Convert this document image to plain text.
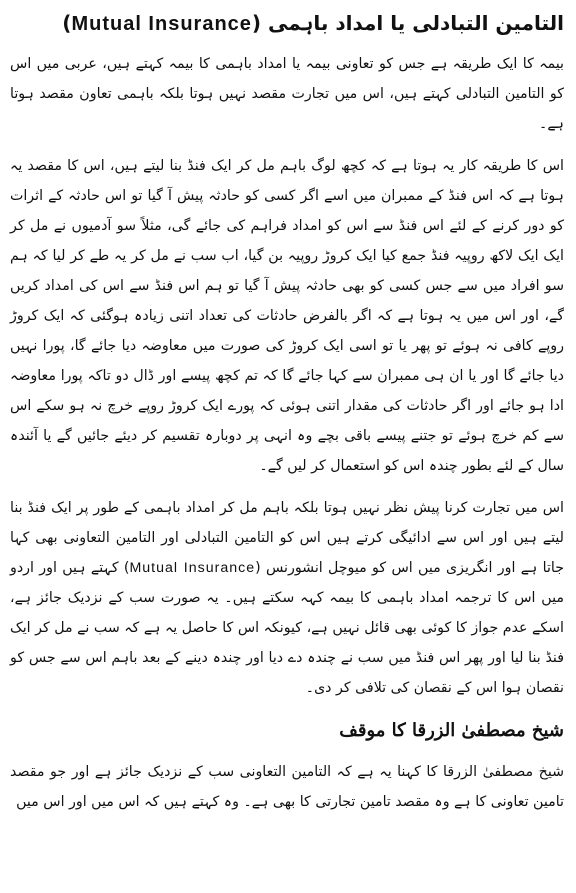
التامین التبادلی یا امداد باہمی (Mutual Insurance)

بیمہ کا ایک طریقہ ہے جس کو تعاونی بیمہ یا امداد باہمی کا بیمہ کہتے ہیں، عربی میں اس کو التامین التبادلی کہتے ہیں، اس میں تجارت مقصد نہیں ہوتا بلکہ باہمی تعاون مقصد ہوتا ہے۔

اس کا طریقہ کار یہ ہوتا ہے کہ کچھ لوگ باہم مل کر ایک فنڈ بنا لیتے ہیں، اس کا مقصد یہ ہوتا ہے کہ اس فنڈ کے ممبران میں اسے اگر کسی کو حادثہ پیش آ گیا تو اس حادثہ کے اثرات کو دور کرنے کے لئے اس فنڈ سے اس کو امداد فراہم کی جائے گی، مثلاً سو آدمیوں نے مل کر ایک ایک لاکھ روپیہ فنڈ جمع کیا ایک کروڑ روپیہ بن گیا، اب سب نے مل کر یہ طے کر لیا کہ ہم سو افراد میں سے جس کسی کو بھی حادثہ پیش آ گیا تو ہم اس فنڈ سے اس کی امداد کریں گے، اور اس میں یہ ہوتا ہے کہ اگر بالفرض حادثات کی تعداد اتنی زیادہ ہوگئی کہ ایک کروڑ روپے کافی نہ ہوئے تو پھر یا تو اسی ایک کروڑ کی صورت میں معاوضہ دیا جائے گا، پورا نہیں دیا جائے گا اور یا ان ہی ممبران سے کہا جائے گا کہ تم کچھ پیسے اور ڈال دو تاکہ پورا معاوضہ ادا ہو جائے اور اگر حادثات کی مقدار اتنی ہوئی کہ پورے ایک کروڑ روپے خرچ نہ ہو سکے اس سے کم خرچ ہوئے تو جتنے پیسے باقی بچے وہ انہی پر دوبارہ تقسیم کر دیئے جائیں گے یا آئندہ سال کے لئے بطور چندہ اس کو استعمال کر لیں گے۔

اس میں تجارت کرنا پیش نظر نہیں ہوتا بلکہ باہم مل کر امداد باہمی کے طور پر ایک فنڈ بنا لیتے ہیں اور اس سے ادائیگی کرتے ہیں اس کو التامین التبادلی اور التامین التعاونی بھی کہا جاتا ہے اور انگریزی میں اس کو میوچل انشورنس (Mutual Insurance) کہتے ہیں اور اردو میں اس کا ترجمہ امداد باہمی کا بیمہ کہہ سکتے ہیں۔ یہ صورت سب کے نزدیک جائز ہے، اسکے عدم جواز کا کوئی بھی قائل نہیں ہے، کیونکہ اس کا حاصل یہ ہے کہ سب نے مل کر ایک فنڈ بنا لیا اور پھر اس فنڈ میں سب نے چندہ دے دیا اور چندہ دینے کے بعد باہم اس سے جس کو نقصان ہوا اس کے نقصان کی تلافی کر دی۔

شیخ مصطفیٰ الزرقا کا موقف

شیخ مصطفیٰ الزرقا کا کہنا یہ ہے کہ التامین التعاونی سب کے نزدیک جائز ہے اور جو مقصد تامین تعاونی کا ہے وہ مقصد تامین تجارتی کا بھی ہے۔ وہ کہتے ہیں کہ اس میں اور اس میں
